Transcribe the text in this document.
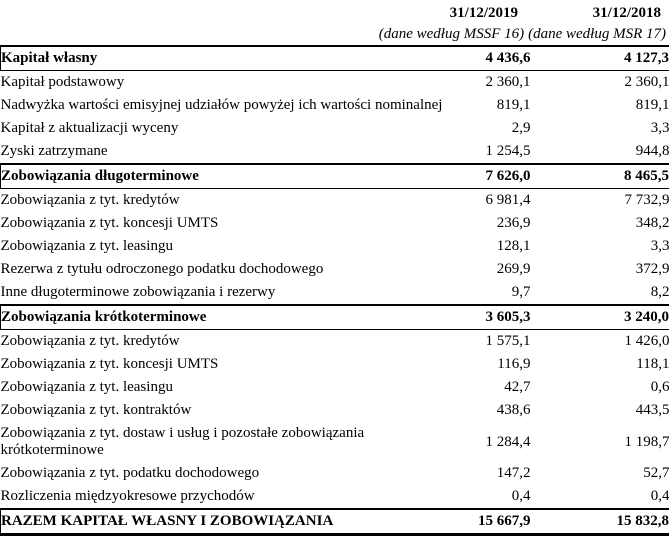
	31/12/2019	31/12/2018
(dane według MSSF 16) (dane według MSR 17)
Kapitał własny	4 436,6	4 127,3
Kapitał podstawowy	2 360,1	2 360,1
Nadwyżka wartości emisyjnej udziałów powyżej ich wartości nominalnej	819,1	819,1
Kapitał z aktualizacji wyceny	2,9	3,3
Zyski zatrzymane	1 254,5	944,8
Zobowiązania długoterminowe	7 626,0	8 465,5
Zobowiązania z tyt. kredytów	6 981,4	7 732,9
Zobowiązania z tyt. koncesji UMTS	236,9	348,2
Zobowiązania z tyt. leasingu	128,1	3,3
Rezerwa z tytułu odroczonego podatku dochodowego	269,9	372,9
Inne długoterminowe zobowiązania i rezerwy	9,7	8,2
Zobowiązania krótkoterminowe	3 605,3	3 240,0
Zobowiązania z tyt. kredytów	1 575,1	1 426,0
Zobowiązania z tyt. koncesji UMTS	116,9	118,1
Zobowiązania z tyt. leasingu	42,7	0,6
Zobowiązania z tyt. kontraktów	438,6	443,5
Zobowiązania z tyt. dostaw i usług i pozostałe zobowiązania krótkoterminowe	1 284,4	1 198,7
Zobowiązania z tyt. podatku dochodowego	147,2	52,7
Rozliczenia międzyokresowe przychodów	0,4	0,4
RAZEM KAPITAŁ WŁASNY I ZOBOWIĄZANIA	15 667,9	15 832,8
